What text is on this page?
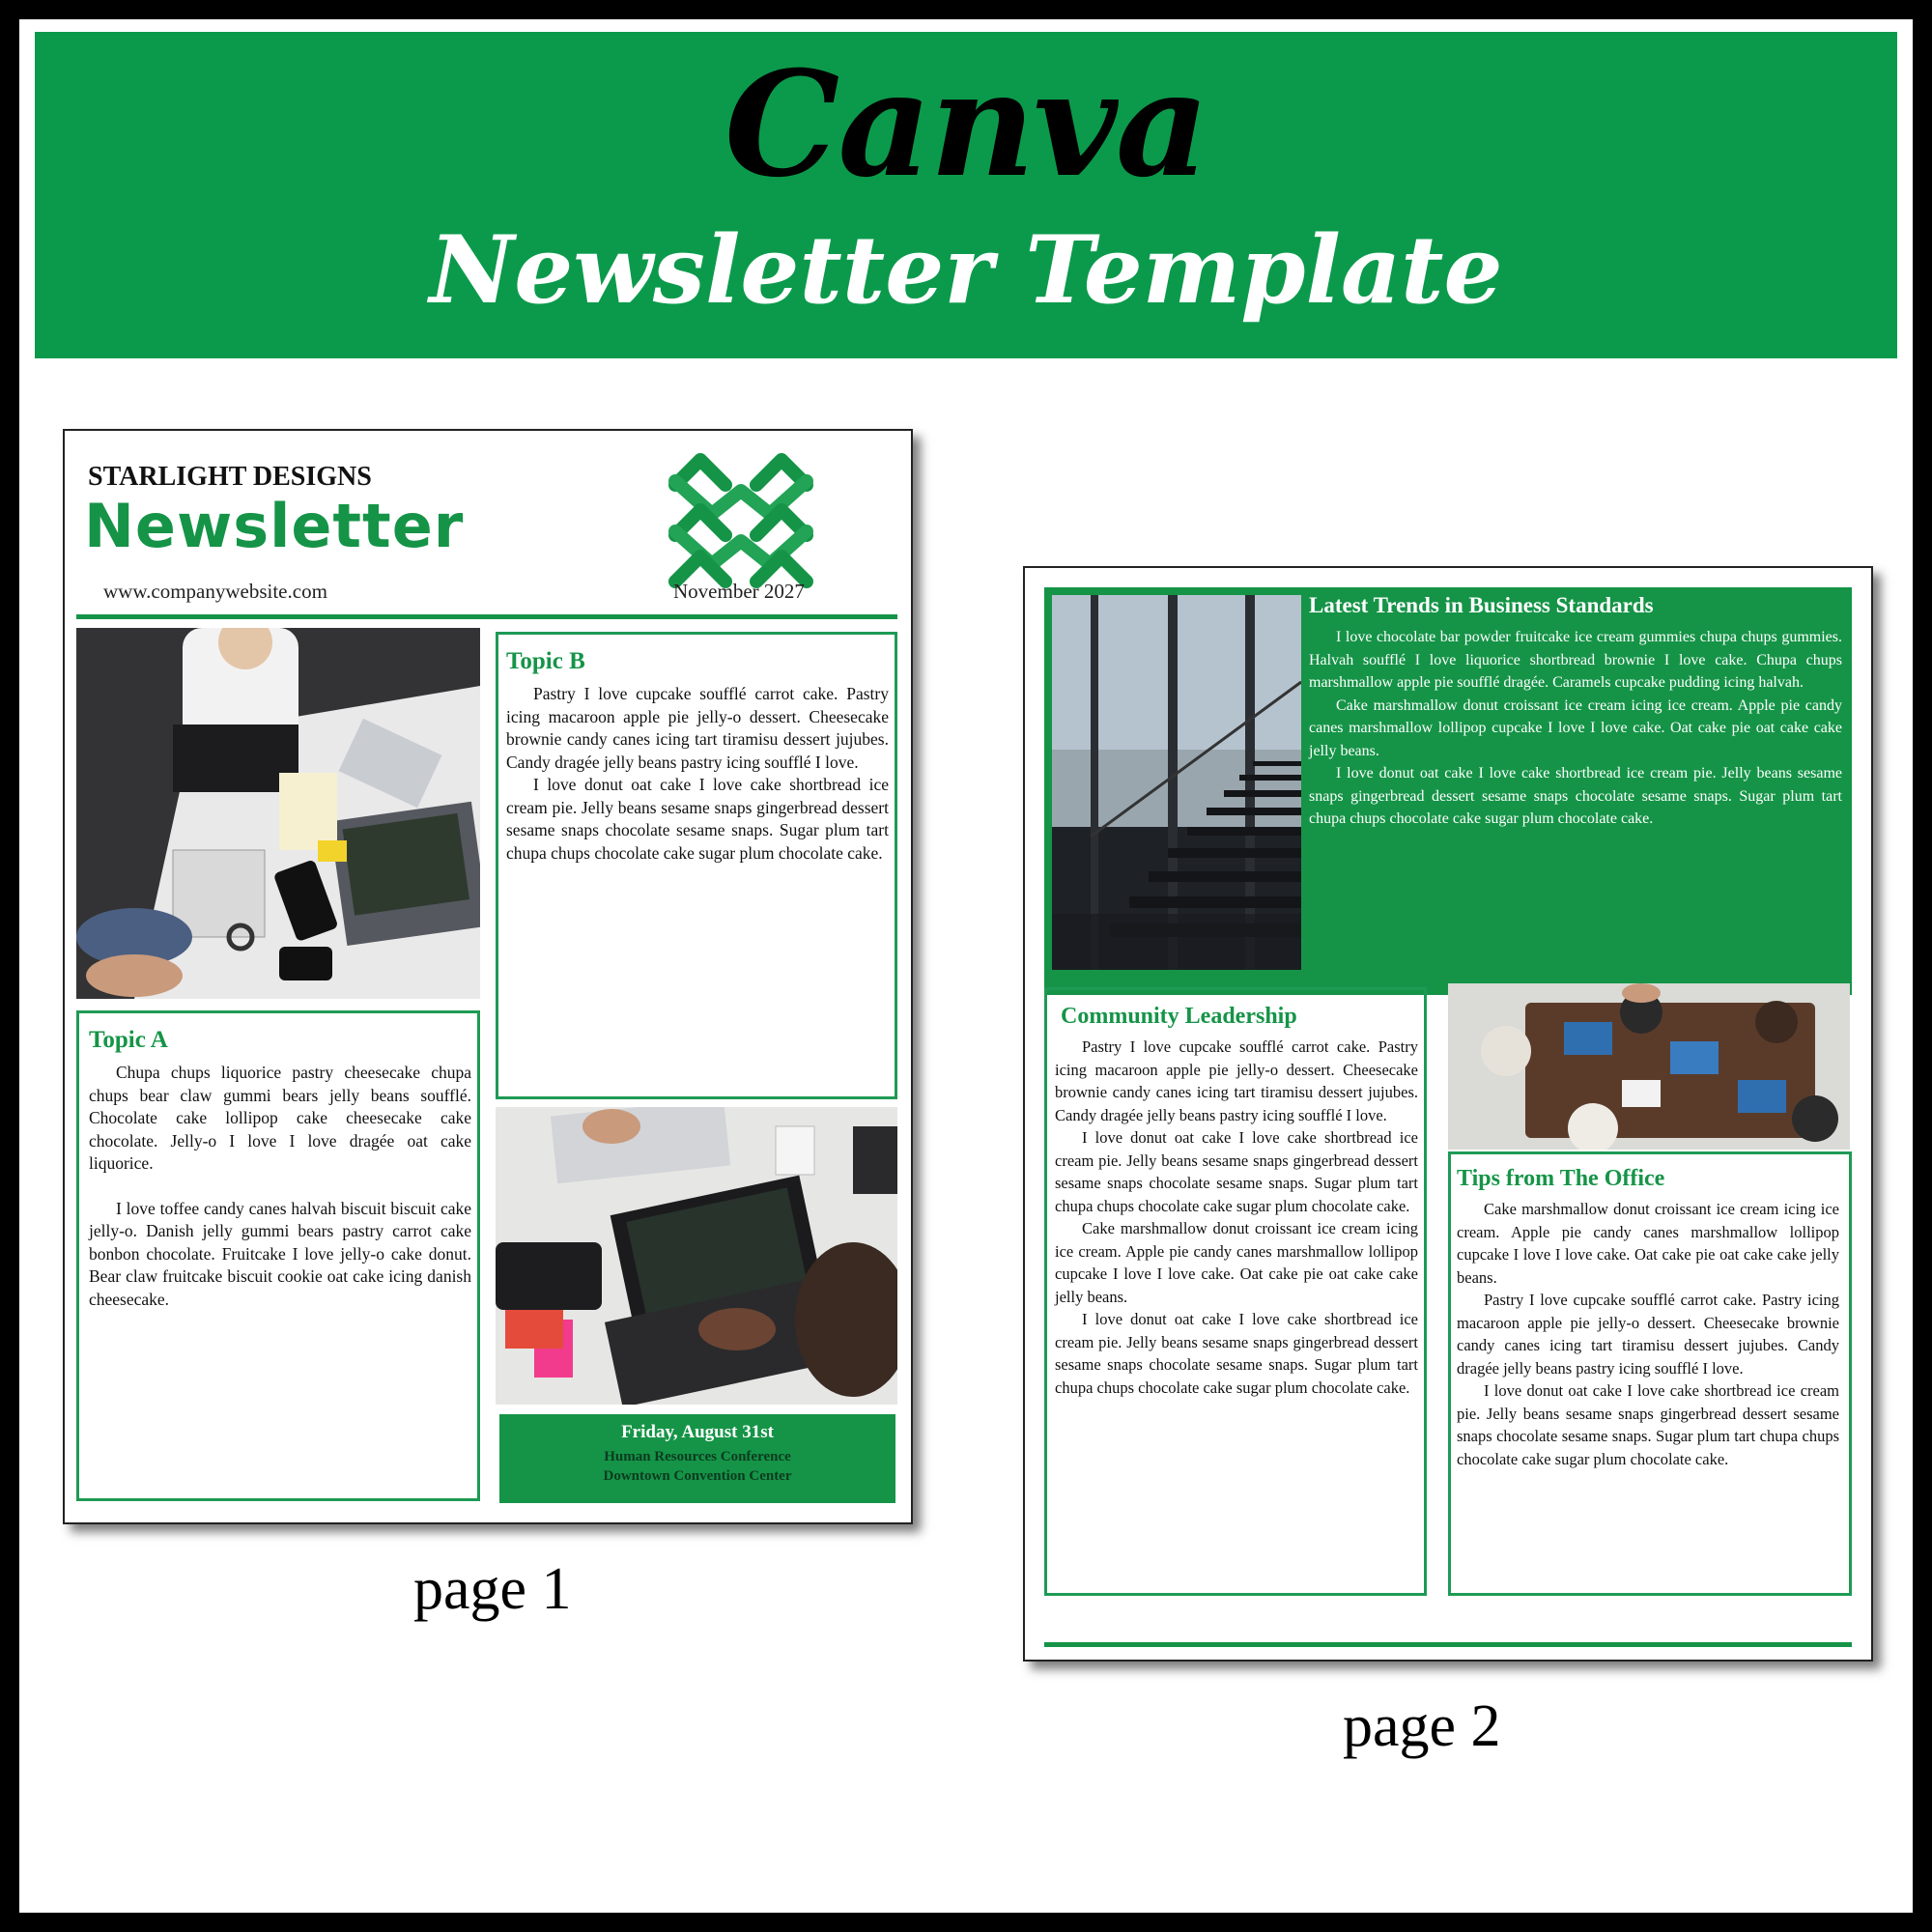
Canva
Newsletter Template
STARLIGHT DESIGNS
Newsletter
www.companywebsite.com	November 2027
Topic B

Pastry I love cupcake soufflé carrot cake. Pastry icing macaroon apple pie jelly-o dessert. Cheesecake brownie candy canes icing tart tiramisu dessert jujubes. Candy dragée jelly beans pastry icing soufflé I love.

I love donut oat cake I love cake shortbread ice cream pie. Jelly beans sesame snaps gingerbread dessert sesame snaps chocolate sesame snaps. Sugar plum tart chupa chups chocolate cake sugar plum chocolate cake.

Topic A

Chupa chups liquorice pastry cheesecake chupa chups bear claw gummi bears jelly beans soufflé. Chocolate cake lollipop cake cheesecake cake chocolate. Jelly-o I love I love dragée oat cake liquorice.

I love toffee candy canes halvah biscuit biscuit cake jelly-o. Danish jelly gummi bears pastry carrot cake bonbon chocolate. Fruitcake I love jelly-o cake donut. Bear claw fruitcake biscuit cookie oat cake icing danish cheesecake.

Friday, August 31st
Human Resources Conference
Downtown Convention Center
page 1
Latest Trends in Business Standards

I love chocolate bar powder fruitcake ice cream gummies chupa chups gummies. Halvah soufflé I love liquorice shortbread brownie I love cake. Chupa chups marshmallow apple pie soufflé dragée. Caramels cupcake pudding icing halvah.

Cake marshmallow donut croissant ice cream icing ice cream. Apple pie candy canes marshmallow lollipop cupcake I love I love cake. Oat cake pie oat cake cake jelly beans.

I love donut oat cake I love cake shortbread ice cream pie. Jelly beans sesame snaps gingerbread dessert sesame snaps chocolate sesame snaps. Sugar plum tart chupa chups chocolate cake sugar plum chocolate cake.

Community Leadership

Pastry I love cupcake soufflé carrot cake. Pastry icing macaroon apple pie jelly-o dessert. Cheesecake brownie candy canes icing tart tiramisu dessert jujubes. Candy dragée jelly beans pastry icing soufflé I love.

I love donut oat cake I love cake shortbread ice cream pie. Jelly beans sesame snaps gingerbread dessert sesame snaps chocolate sesame snaps. Sugar plum tart chupa chups chocolate cake sugar plum chocolate cake.

Cake marshmallow donut croissant ice cream icing ice cream. Apple pie candy canes marshmallow lollipop cupcake I love I love cake. Oat cake pie oat cake cake jelly beans.

I love donut oat cake I love cake shortbread ice cream pie. Jelly beans sesame snaps gingerbread dessert sesame snaps chocolate sesame snaps. Sugar plum tart chupa chups chocolate cake sugar plum chocolate cake.

Tips from The Office

Cake marshmallow donut croissant ice cream icing ice cream. Apple pie candy canes marshmallow lollipop cupcake I love I love cake. Oat cake pie oat cake cake jelly beans.

Pastry I love cupcake soufflé carrot cake. Pastry icing macaroon apple pie jelly-o dessert. Cheesecake brownie candy canes icing tart tiramisu dessert jujubes. Candy dragée jelly beans pastry icing soufflé I love.

I love donut oat cake I love cake shortbread ice cream pie. Jelly beans sesame snaps gingerbread dessert sesame snaps chocolate sesame snaps. Sugar plum tart chupa chups chocolate cake sugar plum chocolate cake.

page 2
